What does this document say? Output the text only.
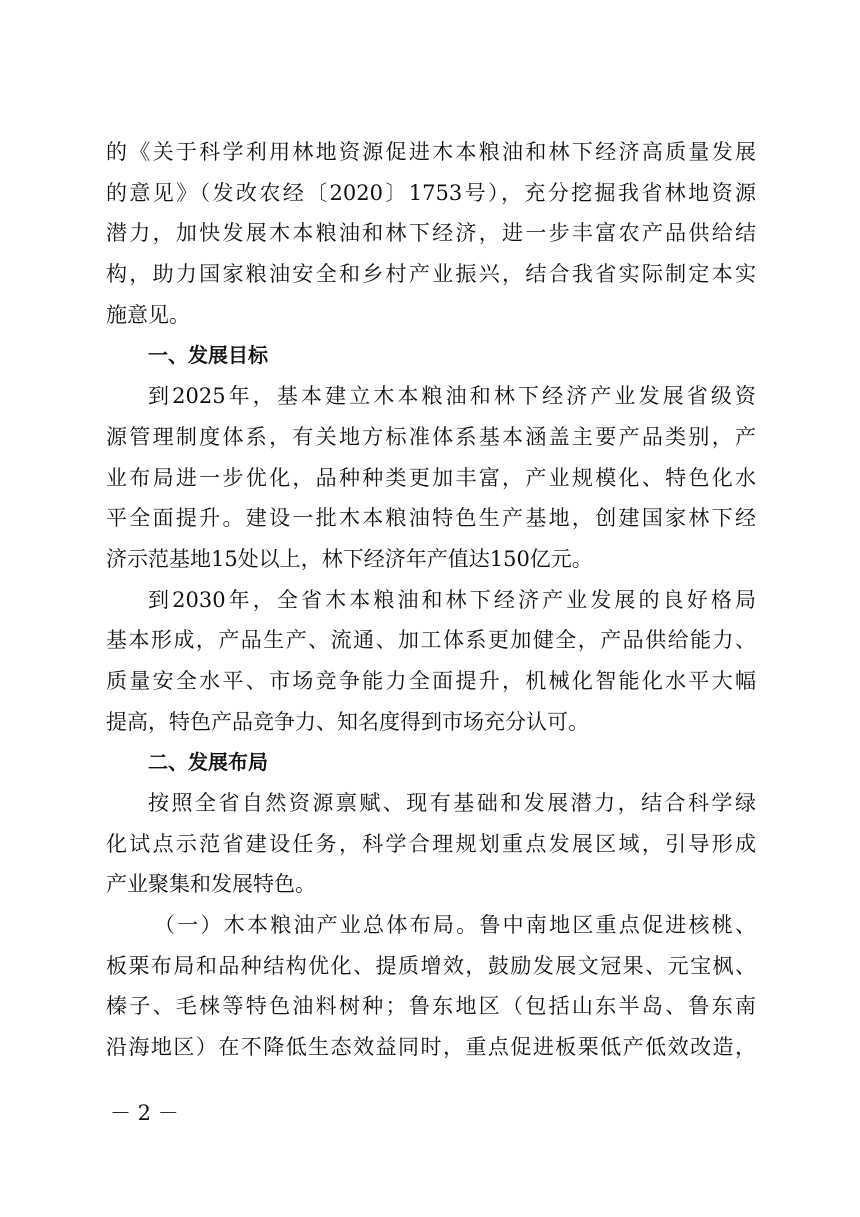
的《关于科学利用林地资源促进木本粮油和林下经济高质量发展
的意见》（发改农经〔2020〕1753号），充分挖掘我省林地资源
潜力，加快发展木本粮油和林下经济，进一步丰富农产品供给结
构，助力国家粮油安全和乡村产业振兴，结合我省实际制定本实
施意见。
一、发展目标
到2025年，基本建立木本粮油和林下经济产业发展省级资
源管理制度体系，有关地方标准体系基本涵盖主要产品类别，产
业布局进一步优化，品种种类更加丰富，产业规模化、特色化水
平全面提升。建设一批木本粮油特色生产基地，创建国家林下经
济示范基地15处以上，林下经济年产值达150亿元。
到2030年，全省木本粮油和林下经济产业发展的良好格局
基本形成，产品生产、流通、加工体系更加健全，产品供给能力、
质量安全水平、市场竞争能力全面提升，机械化智能化水平大幅
提高，特色产品竞争力、知名度得到市场充分认可。
二、发展布局
按照全省自然资源禀赋、现有基础和发展潜力，结合科学绿
化试点示范省建设任务，科学合理规划重点发展区域，引导形成
产业聚集和发展特色。
（一）木本粮油产业总体布局。鲁中南地区重点促进核桃、
板栗布局和品种结构优化、提质增效，鼓励发展文冠果、元宝枫、
榛子、毛梾等特色油料树种；鲁东地区（包括山东半岛、鲁东南
沿海地区）在不降低生态效益同时，重点促进板栗低产低效改造，
－ 2 －
